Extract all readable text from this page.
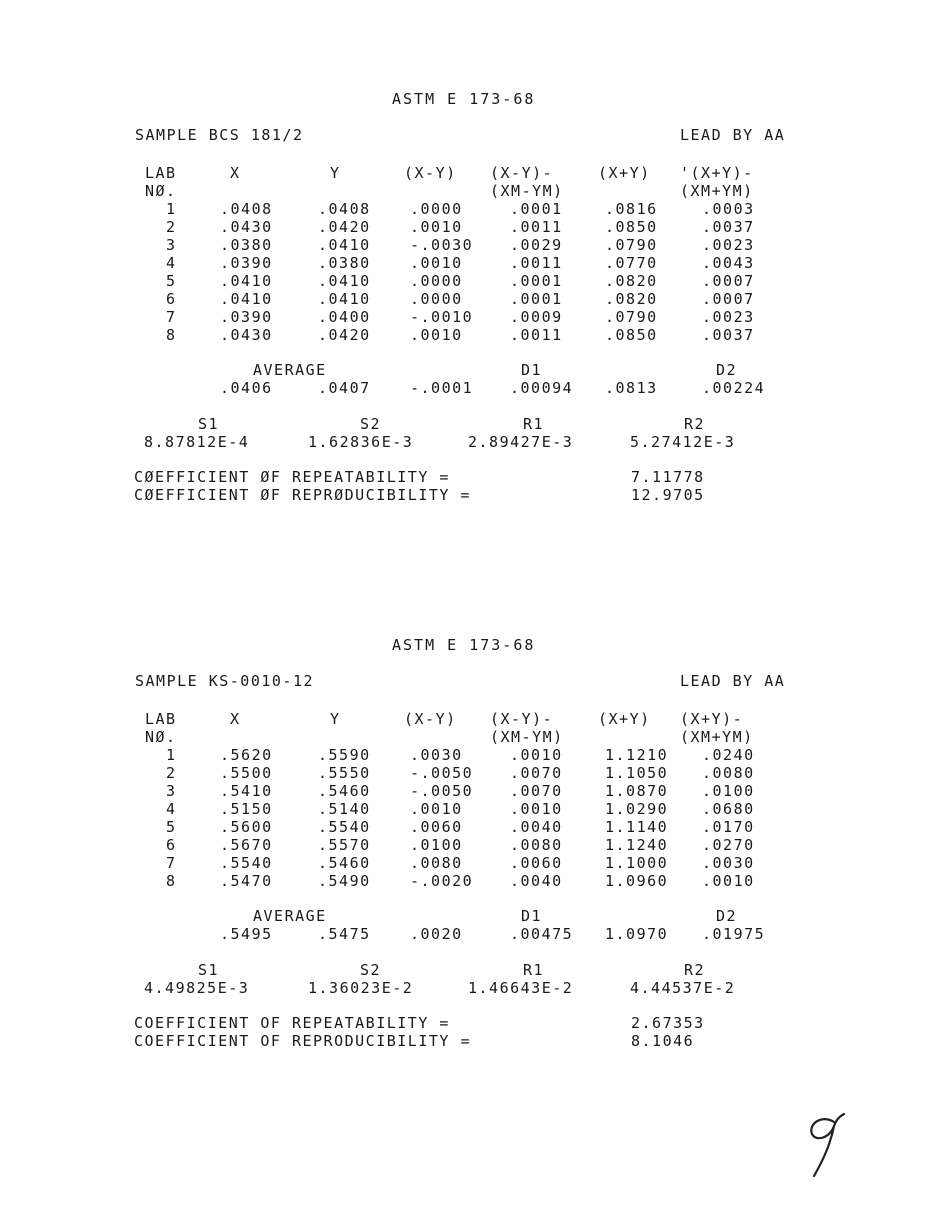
ASTM E 173-68
SAMPLE BCS 181/2	LEAD BY AA
LAB	X	Y	(X-Y) (X-Y)-	(X+Y) '(X+Y)-
NØ.	(XM-YM)	(XM+YM)
1	.0408	.0408	.0000	.0001	.0816	.0003
2	.0430	.0420	.0010	.0011	.0850	.0037
3	.0380	.0410	-.0030 .0029	.0790	.0023
4	.0390	.0380	.0010	.0011	.0770	.0043
5	.0410	.0410	.0000	.0001	.0820	.0007
6	.0410	.0410	.0000	.0001	.0820	.0007
7	.0390	.0400	-.0010 .0009	.0790	.0023
8	.0430	.0420	.0010	.0011	.0850	.0037
AVERAGE	D1	D2
.0406	.0407	-.0001 .00094 .0813	.00224
S1	S2	R1	R2
8.87812E-4	1.62836E-3	2.89427E-3	5.27412E-3
CØEFFICIENT ØF REPEATABILITY =	7.11778
CØEFFICIENT ØF REPRØDUCIBILITY =	12.9705
ASTM E 173-68
SAMPLE KS-0010-12	LEAD BY AA
LAB	X	Y	(X-Y) (X-Y)-	(X+Y) (X+Y)-
NØ.	(XM-YM)	(XM+YM)
1	.5620	.5590	.0030	.0010	1.1210 .0240
2	.5500	.5550	-.0050 .0070	1.1050 .0080
3	.5410	.5460	-.0050 .0070	1.0870 .0100
4	.5150	.5140	.0010	.0010	1.0290 .0680
5	.5600	.5540	.0060	.0040	1.1140 .0170
6	.5670	.5570	.0100	.0080	1.1240 .0270
7	.5540	.5460	.0080	.0060	1.1000 .0030
8	.5470	.5490	-.0020 .0040	1.0960 .0010
AVERAGE	D1	D2
.5495	.5475	.0020	.00475 1.0970 .01975
S1	S2	R1	R2
4.49825E-3	1.36023E-2	1.46643E-2	4.44537E-2
COEFFICIENT OF REPEATABILITY =	2.67353
COEFFICIENT OF REPRODUCIBILITY =	8.1046
